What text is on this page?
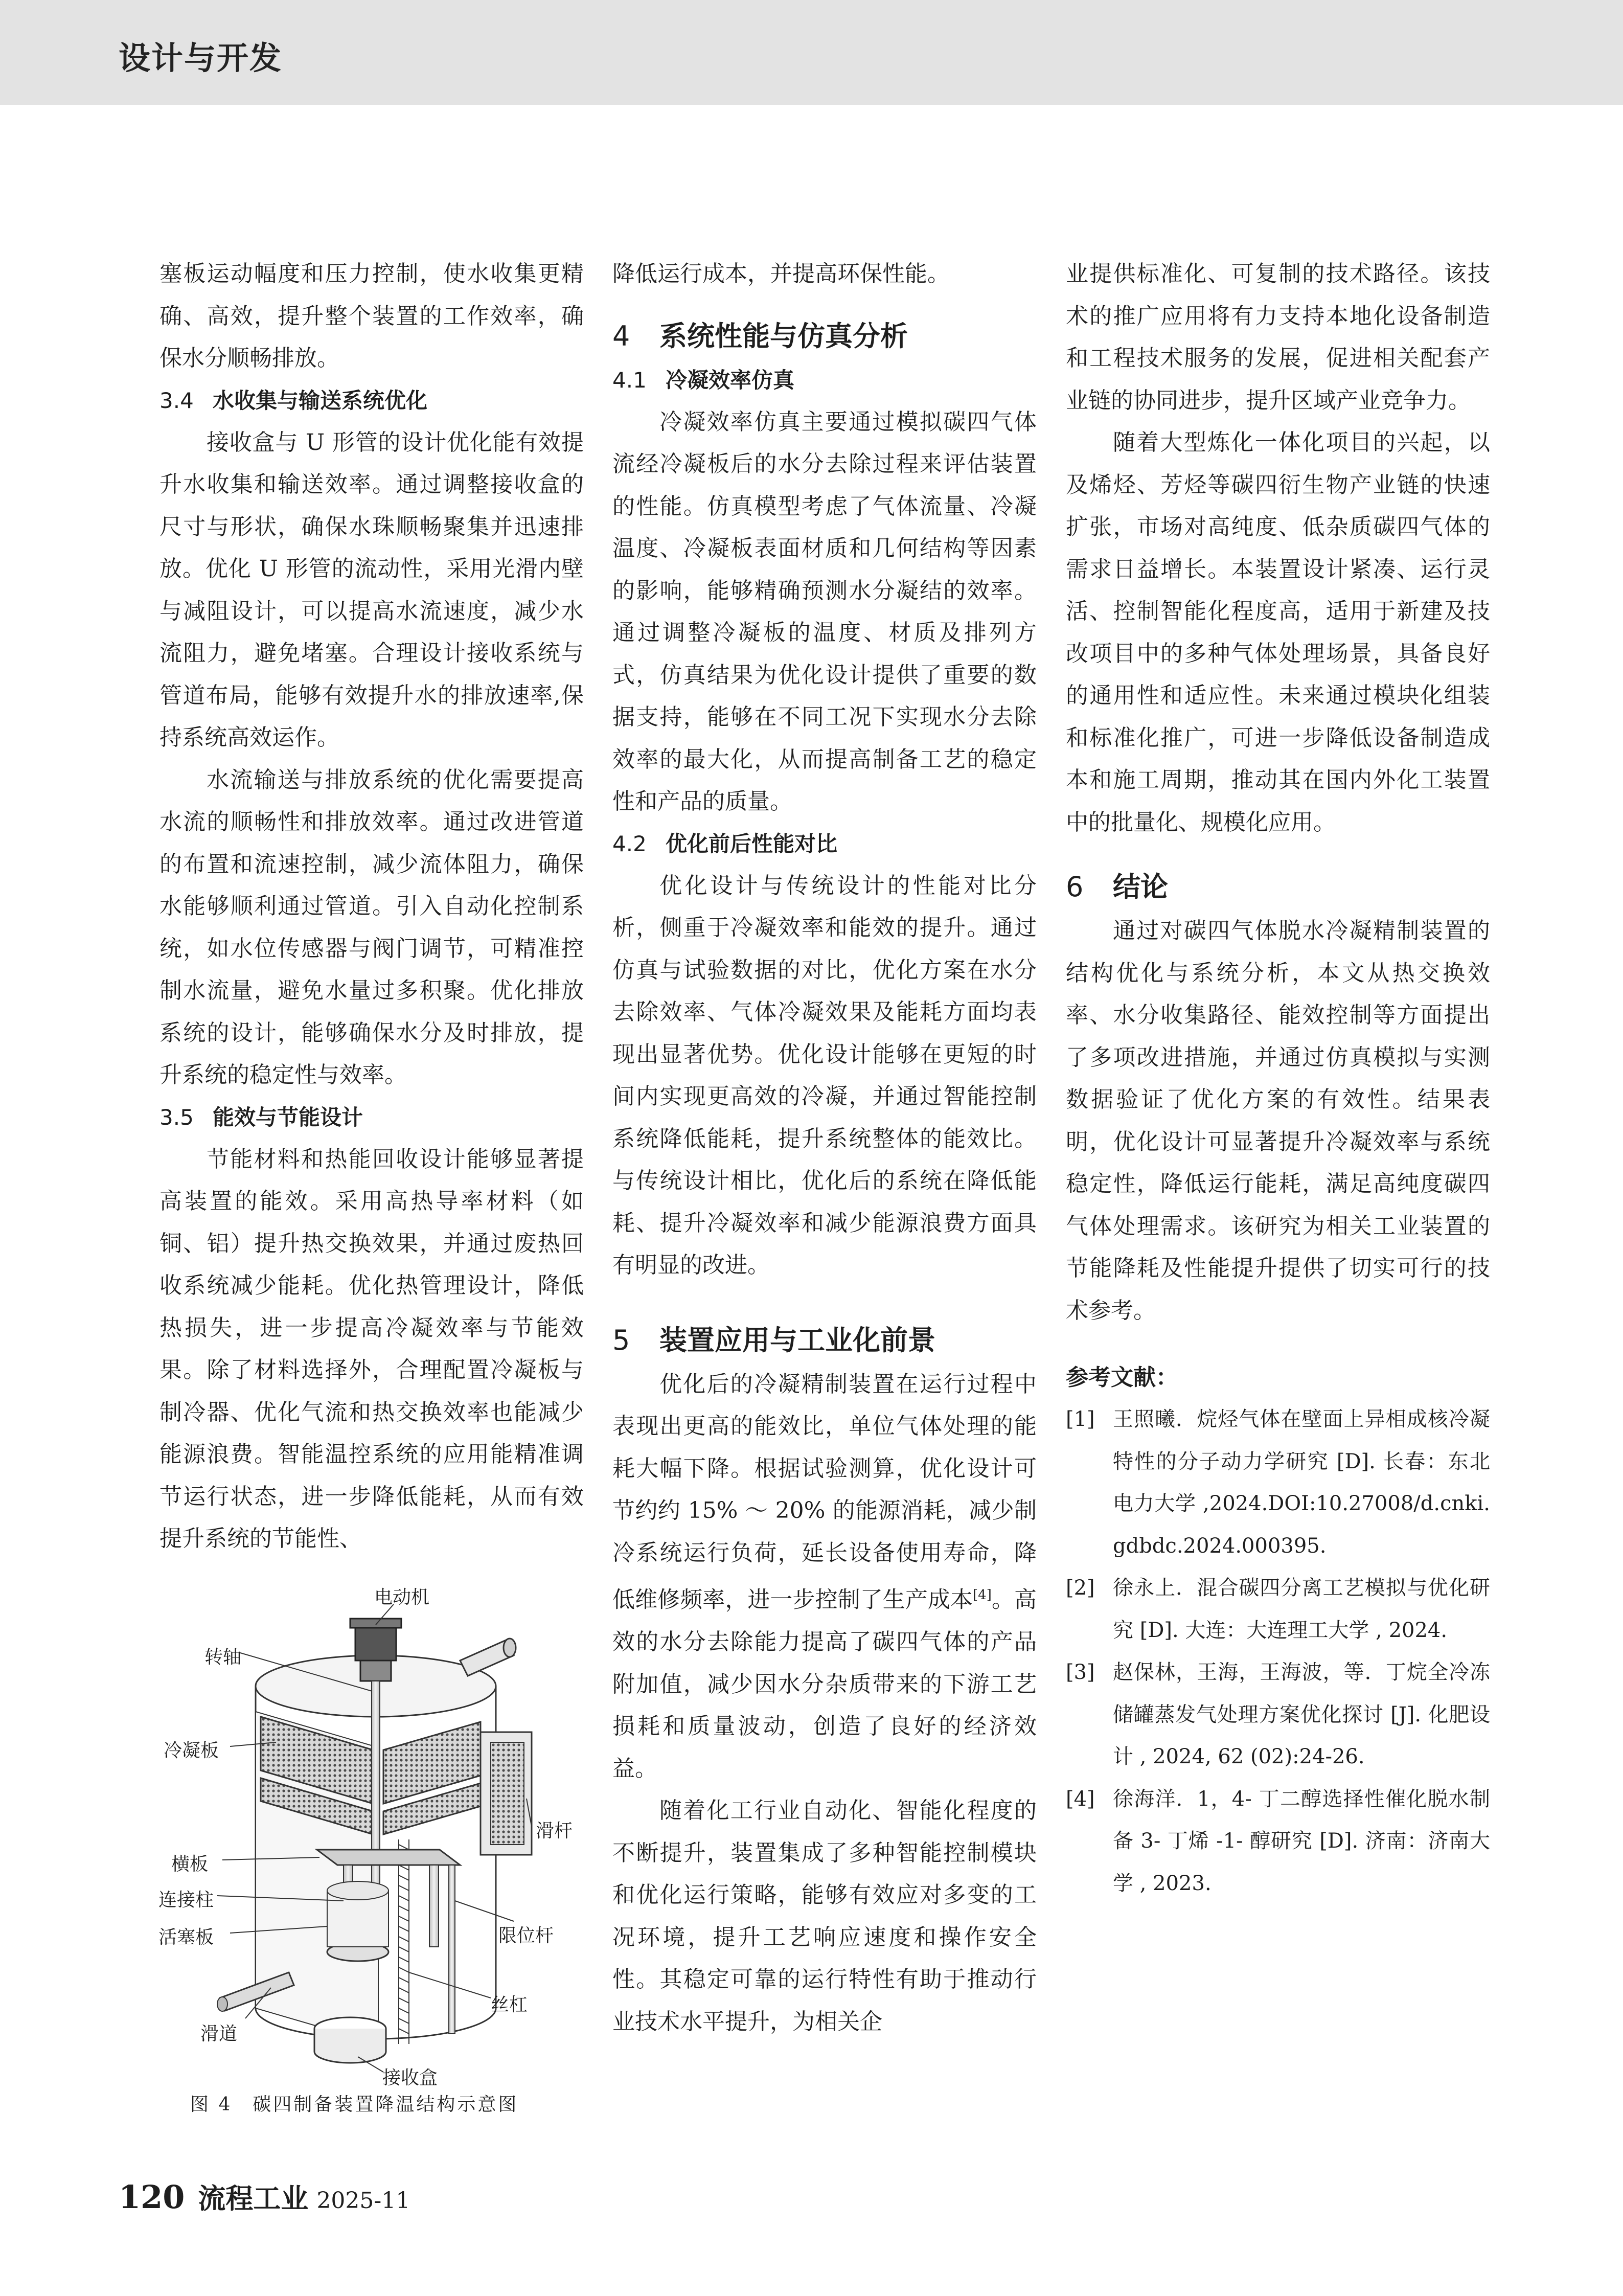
设计与开发

塞板运动幅度和压力控制，使水收集更精确、高效，提升整个装置的工作效率，确保水分顺畅排放。

3.4 水收集与输送系统优化

接收盒与 U 形管的设计优化能有效提升水收集和输送效率。通过调整接收盒的尺寸与形状，确保水珠顺畅聚集并迅速排放。优化 U 形管的流动性，采用光滑内壁与减阻设计，可以提高水流速度，减少水流阻力，避免堵塞。合理设计接收系统与管道布局，能够有效提升水的排放速率,保持系统高效运作。

水流输送与排放系统的优化需要提高水流的顺畅性和排放效率。通过改进管道的布置和流速控制，减少流体阻力，确保水能够顺利通过管道。引入自动化控制系统，如水位传感器与阀门调节，可精准控制水流量，避免水量过多积聚。优化排放系统的设计，能够确保水分及时排放，提升系统的稳定性与效率。

3.5 能效与节能设计

节能材料和热能回收设计能够显著提高装置的能效。采用高热导率材料（如铜、铝）提升热交换效果，并通过废热回收系统减少能耗。优化热管理设计，降低热损失，进一步提高冷凝效率与节能效果。除了材料选择外，合理配置冷凝板与制冷器、优化气流和热交换效率也能减少能源浪费。智能温控系统的应用能精准调节运行状态，进一步降低能耗，从而有效提升系统的节能性、

电动机
转轴
冷凝板
横板
连接柱
活塞板
滑道
接收盒
滑杆
限位杆
丝杠
图 4　碳四制备装置降温结构示意图

降低运行成本，并提高环保性能。

4 系统性能与仿真分析
4.1 冷凝效率仿真

冷凝效率仿真主要通过模拟碳四气体流经冷凝板后的水分去除过程来评估装置的性能。仿真模型考虑了气体流量、冷凝温度、冷凝板表面材质和几何结构等因素的影响，能够精确预测水分凝结的效率。通过调整冷凝板的温度、材质及排列方式，仿真结果为优化设计提供了重要的数据支持，能够在不同工况下实现水分去除效率的最大化，从而提高制备工艺的稳定性和产品的质量。

4.2 优化前后性能对比

优化设计与传统设计的性能对比分析，侧重于冷凝效率和能效的提升。通过仿真与试验数据的对比，优化方案在水分去除效率、气体冷凝效果及能耗方面均表现出显著优势。优化设计能够在更短的时间内实现更高效的冷凝，并通过智能控制系统降低能耗，提升系统整体的能效比。与传统设计相比，优化后的系统在降低能耗、提升冷凝效率和减少能源浪费方面具有明显的改进。

5 装置应用与工业化前景

优化后的冷凝精制装置在运行过程中表现出更高的能效比，单位气体处理的能耗大幅下降。根据试验测算，优化设计可节约约 15% ～ 20% 的能源消耗，减少制冷系统运行负荷，延长设备使用寿命，降低维修频率，进一步控制了生产成本[4]。高效的水分去除能力提高了碳四气体的产品附加值，减少因水分杂质带来的下游工艺损耗和质量波动，创造了良好的经济效益。

随着化工行业自动化、智能化程度的不断提升，装置集成了多种智能控制模块和优化运行策略，能够有效应对多变的工况环境，提升工艺响应速度和操作安全性。其稳定可靠的运行特性有助于推动行业技术水平提升，为相关企

业提供标准化、可复制的技术路径。该技术的推广应用将有力支持本地化设备制造和工程技术服务的发展，促进相关配套产业链的协同进步，提升区域产业竞争力。

随着大型炼化一体化项目的兴起，以及烯烃、芳烃等碳四衍生物产业链的快速扩张，市场对高纯度、低杂质碳四气体的需求日益增长。本装置设计紧凑、运行灵活、控制智能化程度高，适用于新建及技改项目中的多种气体处理场景，具备良好的通用性和适应性。未来通过模块化组装和标准化推广，可进一步降低设备制造成本和施工周期，推动其在国内外化工装置中的批量化、规模化应用。

6 结论

通过对碳四气体脱水冷凝精制装置的结构优化与系统分析，本文从热交换效率、水分收集路径、能效控制等方面提出了多项改进措施，并通过仿真模拟与实测数据验证了优化方案的有效性。结果表明，优化设计可显著提升冷凝效率与系统稳定性，降低运行能耗，满足高纯度碳四气体处理需求。该研究为相关工业装置的节能降耗及性能提升提供了切实可行的技术参考。

参考文献：
[1] 王照曦．烷烃气体在壁面上异相成核冷凝特性的分子动力学研究 [D]. 长春：东北电力大学 ,2024.DOI:10.27008/d.cnki.gdbdc.2024.000395.
[2] 徐永上．混合碳四分离工艺模拟与优化研究 [D]. 大连：大连理工大学 , 2024.
[3] 赵保林，王海，王海波，等．丁烷全冷冻储罐蒸发气处理方案优化探讨 [J]. 化肥设计 , 2024, 62 (02):24-26.
[4] 徐海洋．1，4- 丁二醇选择性催化脱水制备 3- 丁烯 -1- 醇研究 [D]. 济南：济南大学 , 2023.
120 流程工业 2025-11
